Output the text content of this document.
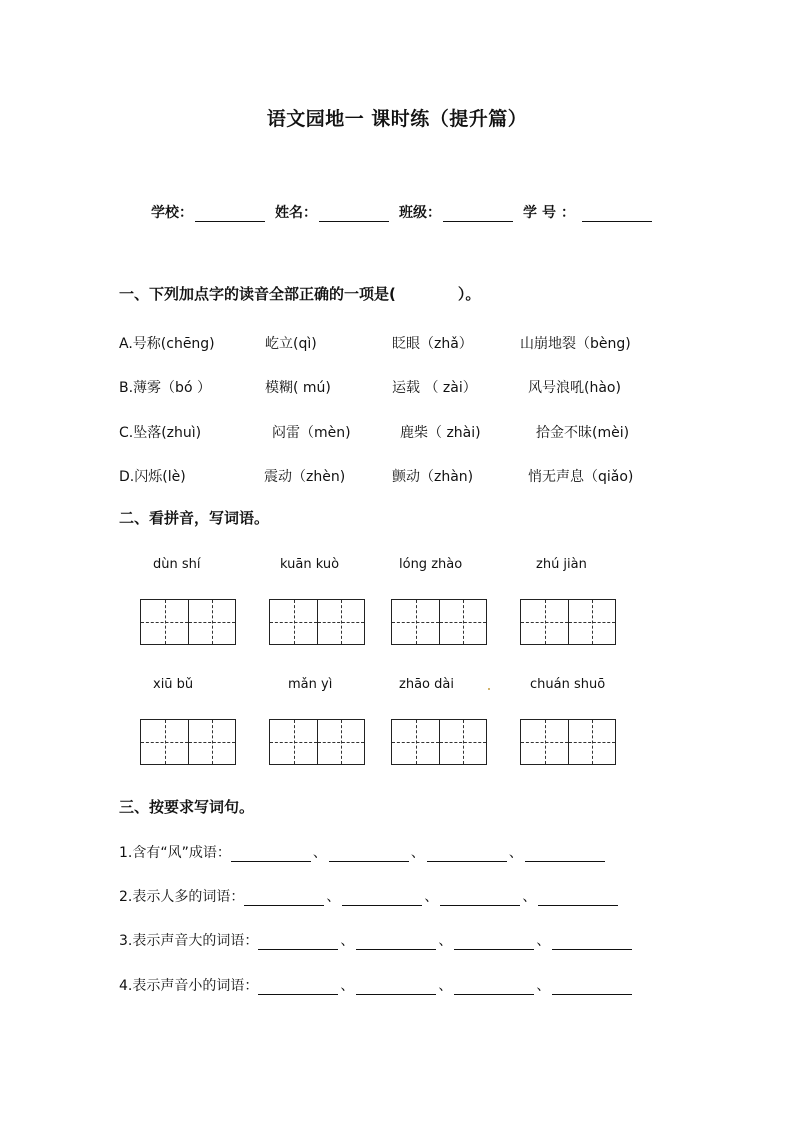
语文园地一 课时练（提升篇）
学校：	姓名：	班级：	学号：
一、下列加点字的读音全部正确的一项是(	）。
A.号称(chēng)	屹立(qì)	眨眼（zhǎ）	山崩地裂（bèng)
B.薄雾（bó ）	模糊( mú)	运载 （ zài）	风号浪吼(hào)
C.坠落(zhuì)	闷雷（mèn)	鹿柴（ zhài)	拾金不昧(mèi)
D.闪烁(lè)	震动（zhèn)	颤动（zhàn)	悄无声息（qiǎo)
二、看拼音，写词语。
dùn shí	kuān kuò	lóng zhào	zhú jiàn
xiū bǔ	mǎn yì	zhāo dài	chuán shuō
三、按要求写词句。
1.含有“风”成语：	、	、	、
2.表示人多的词语：	、	、	、
3.表示声音大的词语：	、	、	、
4.表示声音小的词语：	、	、	、
